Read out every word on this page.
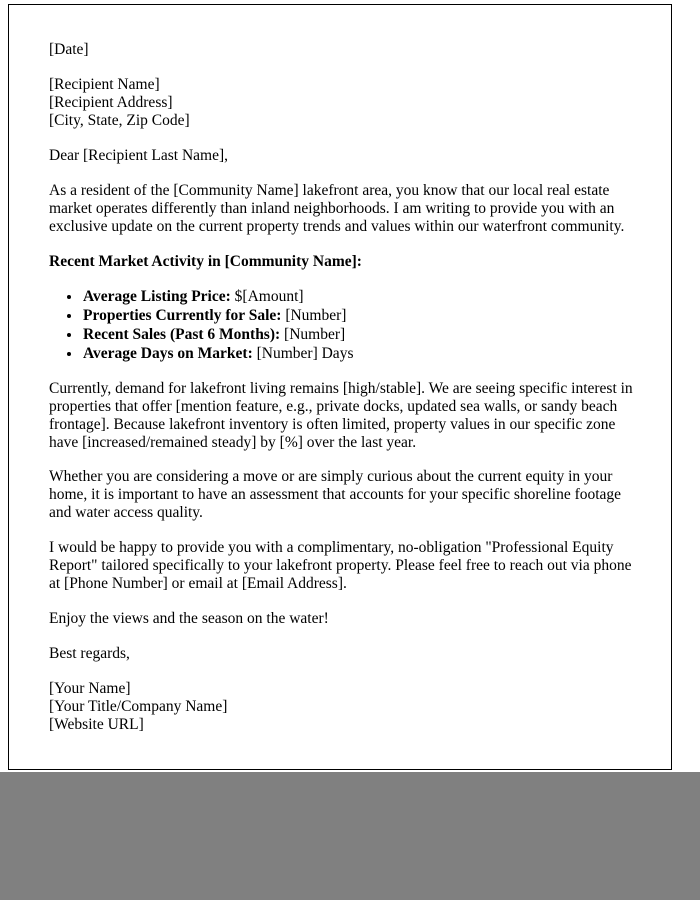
[Date]

[Recipient Name]
[Recipient Address]
[City, State, Zip Code]

Dear [Recipient Last Name],

As a resident of the [Community Name] lakefront area, you know that our local real estate market operates differently than inland neighborhoods. I am writing to provide you with an exclusive update on the current property trends and values within our waterfront community.

Recent Market Activity in [Community Name]:

• Average Listing Price: $[Amount]
• Properties Currently for Sale: [Number]
• Recent Sales (Past 6 Months): [Number]
• Average Days on Market: [Number] Days

Currently, demand for lakefront living remains [high/stable]. We are seeing specific interest in properties that offer [mention feature, e.g., private docks, updated sea walls, or sandy beach frontage]. Because lakefront inventory is often limited, property values in our specific zone have [increased/remained steady] by [%] over the last year.

Whether you are considering a move or are simply curious about the current equity in your home, it is important to have an assessment that accounts for your specific shoreline footage and water access quality.

I would be happy to provide you with a complimentary, no-obligation "Professional Equity Report" tailored specifically to your lakefront property. Please feel free to reach out via phone at [Phone Number] or email at [Email Address].

Enjoy the views and the season on the water!

Best regards,

[Your Name]
[Your Title/Company Name]
[Website URL]
